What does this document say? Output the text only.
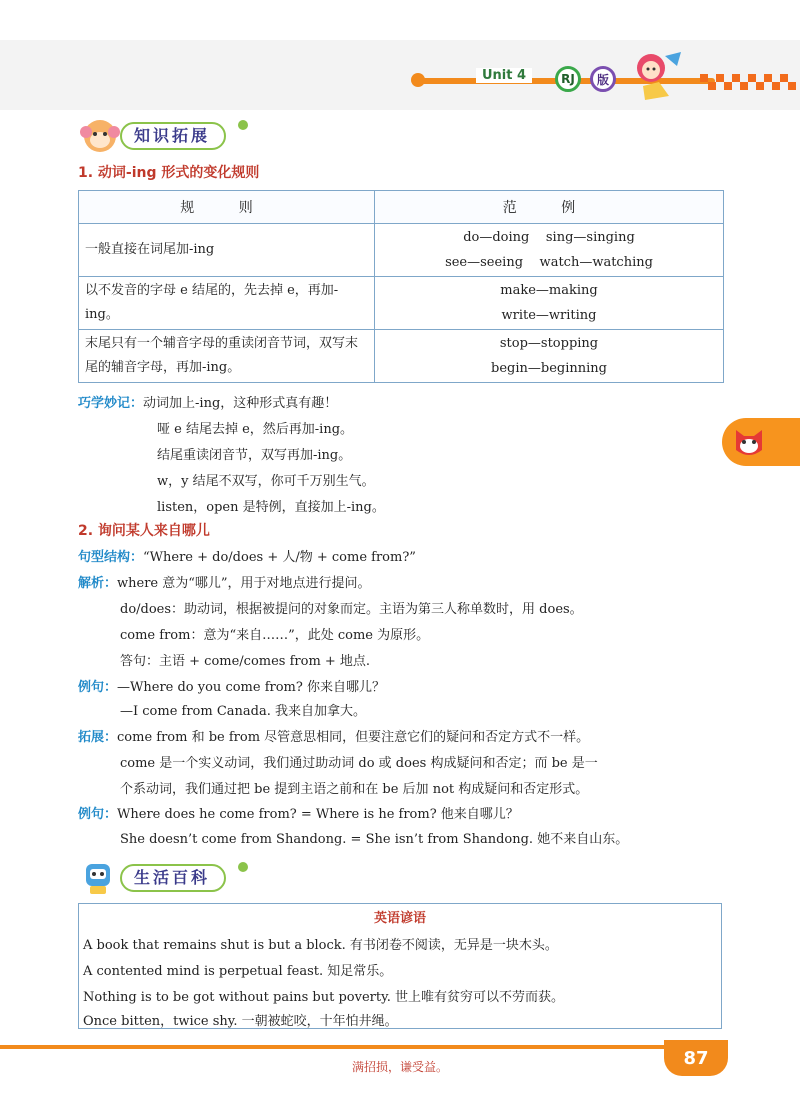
Unit 4	RJ	版
知识拓展
1. 动词-ing 形式的变化规则
规 则	范 例
一般直接在词尾加-ing	do—doing    sing—singing
see—seeing    watch—watching

以不发音的字母 e 结尾的，先去掉 e，再加-ing。	make—making
write—writing

末尾只有一个辅音字母的重读闭音节词，双写末尾的辅音字母，再加-ing。	stop—stopping
begin—beginning
巧学妙记：动词加上-ing，这种形式真有趣！
哑 e 结尾去掉 e，然后再加-ing。
结尾重读闭音节，双写再加-ing。
w，y 结尾不双写，你可千万别生气。
listen，open 是特例，直接加上-ing。
2. 询问某人来自哪儿
句型结构：“Where + do/does + 人/物 + come from?”
解析：where 意为“哪儿”，用于对地点进行提问。
do/does：助动词，根据被提问的对象而定。主语为第三人称单数时，用 does。
come from：意为“来自……”，此处 come 为原形。
答句：主语 + come/comes from + 地点.
例句：—Where do you come from? 你来自哪儿？
—I come from Canada. 我来自加拿大。
拓展：come from 和 be from 尽管意思相同，但要注意它们的疑问和否定方式不一样。
come 是一个实义动词，我们通过助动词 do 或 does 构成疑问和否定；而 be 是一
个系动词，我们通过把 be 提到主语之前和在 be 后加 not 构成疑问和否定形式。
例句：Where does he come from? = Where is he from? 他来自哪儿？
She doesn’t come from Shandong. = She isn’t from Shandong. 她不来自山东。
生活百科
英语谚语
A book that remains shut is but a block. 有书闭卷不阅读，无异是一块木头。
A contented mind is perpetual feast. 知足常乐。
Nothing is to be got without pains but poverty. 世上唯有贫穷可以不劳而获。
Once bitten，twice shy. 一朝被蛇咬，十年怕井绳。
满招损，谦受益。	87
